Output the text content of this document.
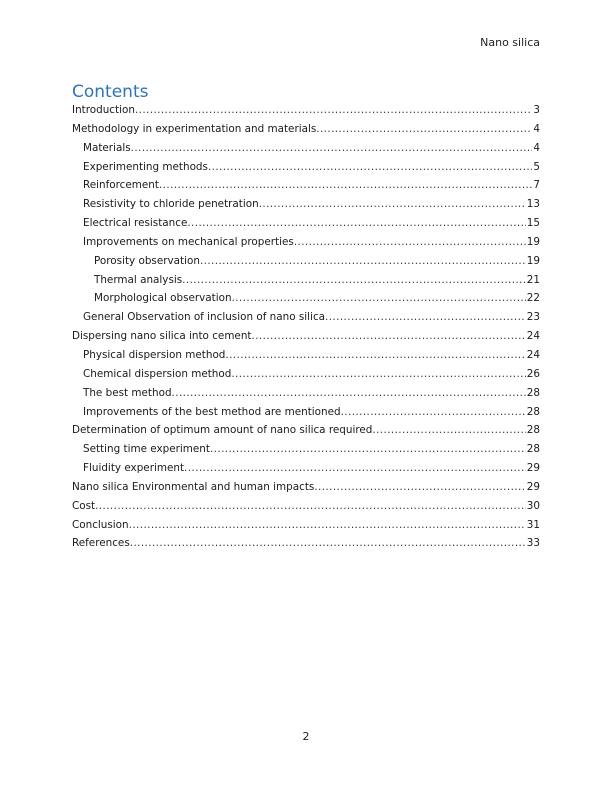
Nano silica
Contents
Introduction .....	3
Methodology in experimentation and materials .....	4
Materials .....	4
Experimenting methods .....	5
Reinforcement .....	7
Resistivity to chloride penetration .....	13
Electrical resistance .....	15
Improvements on mechanical properties .....	19
Porosity observation .....	19
Thermal analysis .....	21
Morphological observation .....	22
General Observation of inclusion of nano silica .....	23
Dispersing nano silica into cement .....	24
Physical dispersion method .....	24
Chemical dispersion method .....	26
The best method .....	28
Improvements of the best method are mentioned .....	28
Determination of optimum amount of nano silica required .....	28
Setting time experiment .....	28
Fluidity experiment .....	29
Nano silica Environmental and human impacts .....	29
Cost .....	30
Conclusion .....	31
References .....	33
2
